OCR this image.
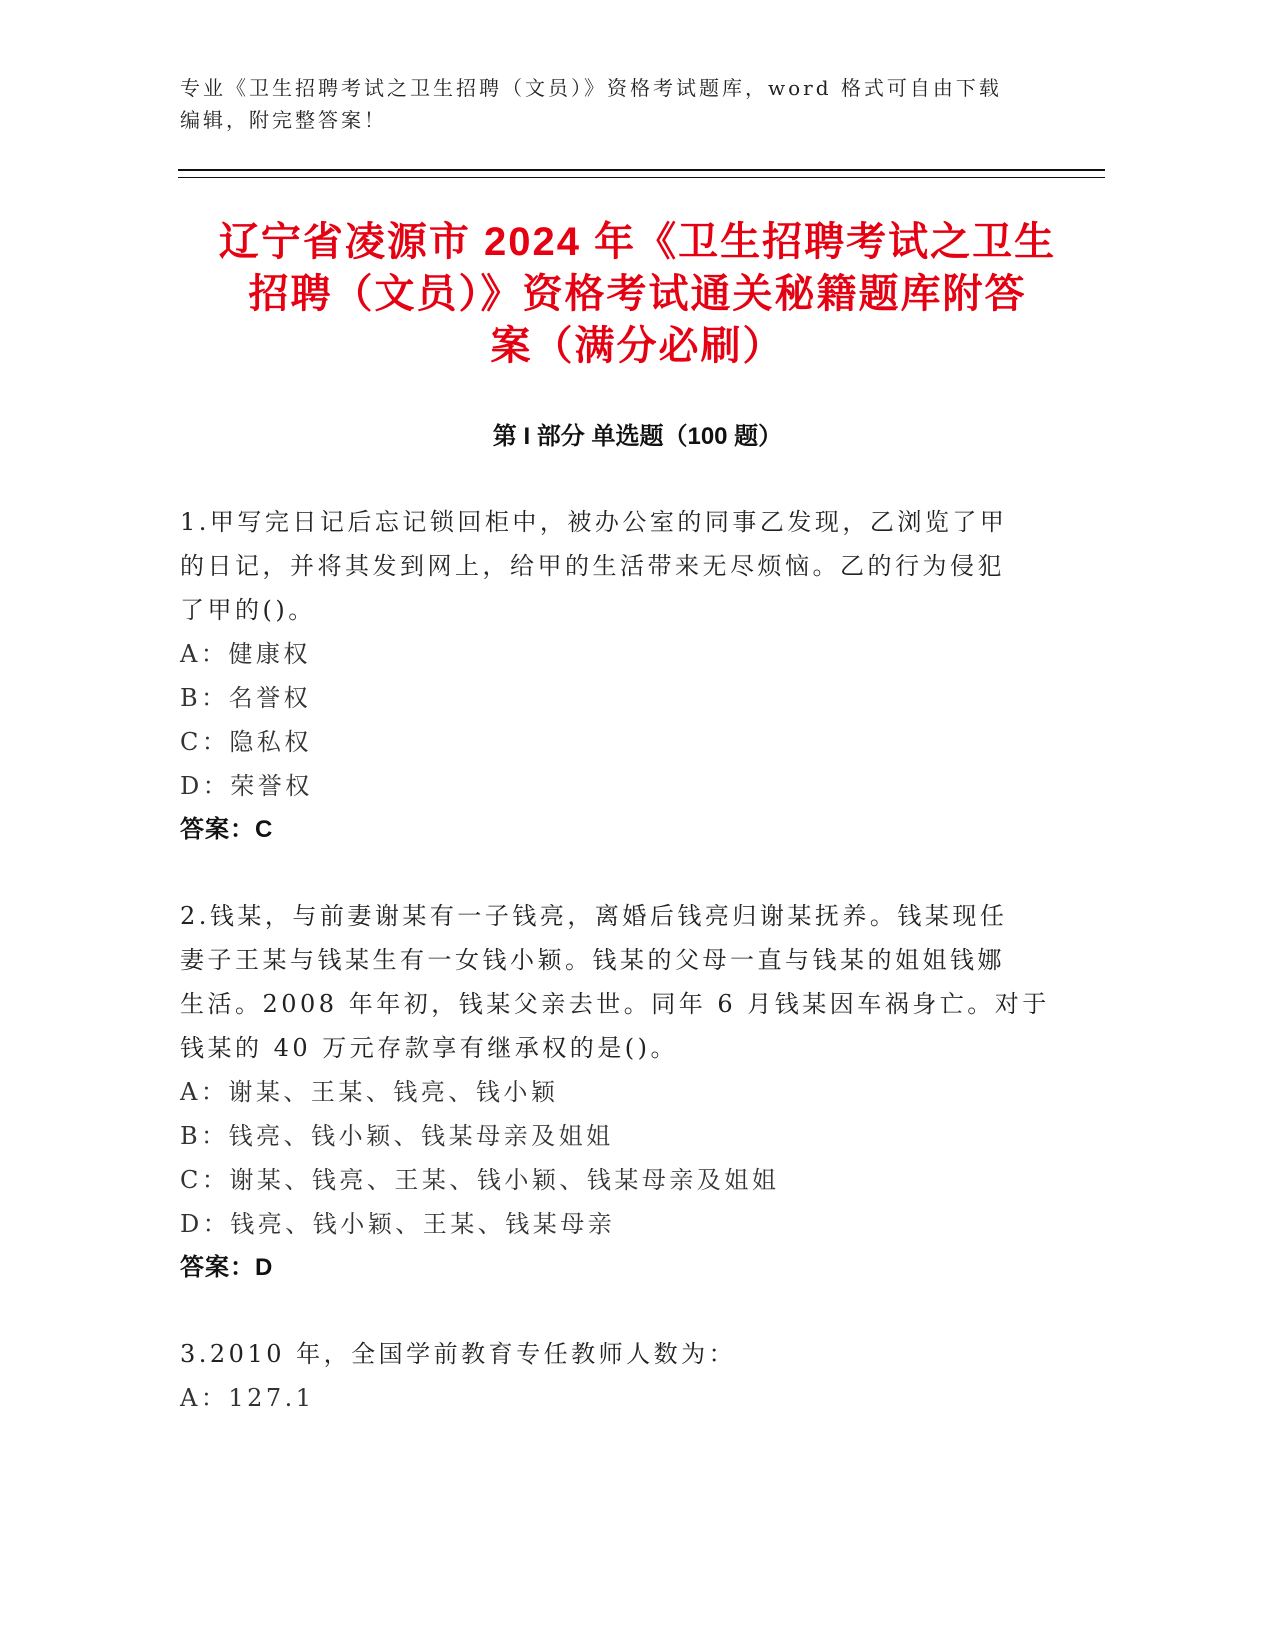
专业《卫生招聘考试之卫生招聘（文员）》资格考试题库，word 格式可自由下载
编辑，附完整答案！
辽宁省凌源市 2024 年《卫生招聘考试之卫生
招聘（文员）》资格考试通关秘籍题库附答
案（满分必刷）
第 I 部分 单选题（100 题）
1.甲写完日记后忘记锁回柜中，被办公室的同事乙发现，乙浏览了甲
的日记，并将其发到网上，给甲的生活带来无尽烦恼。乙的行为侵犯
了甲的()。
A：健康权
B：名誉权
C：隐私权
D：荣誉权
答案：C
2.钱某，与前妻谢某有一子钱亮，离婚后钱亮归谢某抚养。钱某现任
妻子王某与钱某生有一女钱小颖。钱某的父母一直与钱某的姐姐钱娜
生活。2008 年年初，钱某父亲去世。同年 6 月钱某因车祸身亡。对于
钱某的 40 万元存款享有继承权的是()。
A：谢某、王某、钱亮、钱小颖
B：钱亮、钱小颖、钱某母亲及姐姐
C：谢某、钱亮、王某、钱小颖、钱某母亲及姐姐
D：钱亮、钱小颖、王某、钱某母亲
答案：D
3.2010 年，全国学前教育专任教师人数为：
A：127.1
